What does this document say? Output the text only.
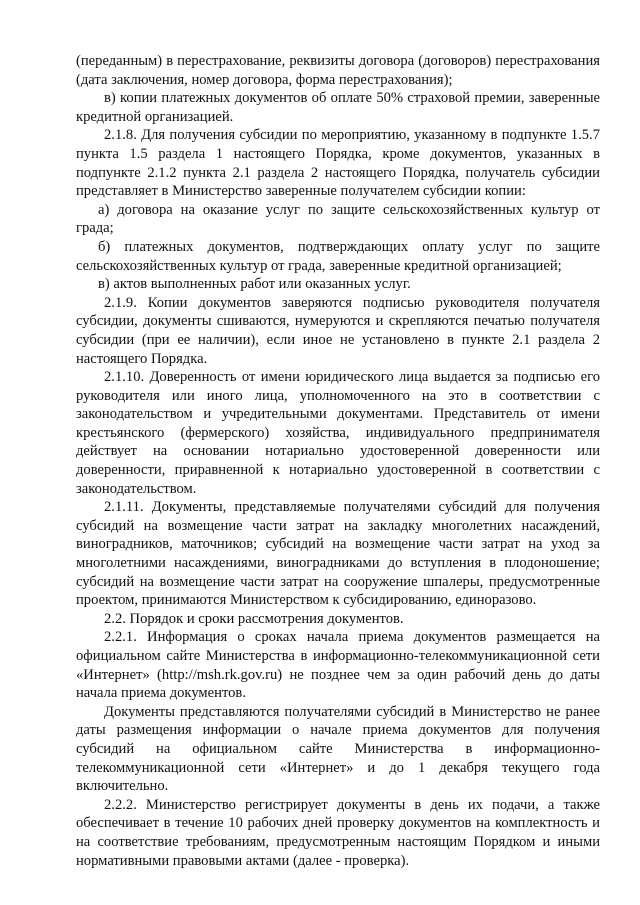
(переданным) в перестрахование, реквизиты договора (договоров) перестрахования (дата заключения, номер договора, форма перестрахования);

в) копии платежных документов об оплате 50% страховой премии, заверенные кредитной организацией.

2.1.8. Для получения субсидии по мероприятию, указанному в подпункте 1.5.7 пункта 1.5 раздела 1 настоящего Порядка, кроме документов, указанных в подпункте 2.1.2 пункта 2.1 раздела 2 настоящего Порядка, получатель субсидии представляет в Министерство заверенные получателем субсидии копии:

а) договора на оказание услуг по защите сельскохозяйственных культур от града;

б) платежных документов, подтверждающих оплату услуг по защите сельскохозяйственных культур от града, заверенные кредитной организацией;

в) актов выполненных работ или оказанных услуг.

2.1.9. Копии документов заверяются подписью руководителя получателя субсидии, документы сшиваются, нумеруются и скрепляются печатью получателя субсидии (при ее наличии), если иное не установлено в пункте 2.1 раздела 2 настоящего Порядка.

2.1.10. Доверенность от имени юридического лица выдается за подписью его руководителя или иного лица, уполномоченного на это в соответствии с законодательством и учредительными документами. Представитель от имени крестьянского (фермерского) хозяйства, индивидуального предпринимателя действует на основании нотариально удостоверенной доверенности или доверенности, приравненной к нотариально удостоверенной в соответствии с законодательством.

2.1.11. Документы, представляемые получателями субсидий для получения субсидий на возмещение части затрат на закладку многолетних насаждений, виноградников, маточников; субсидий на возмещение части затрат на уход за многолетними насаждениями, виноградниками до вступления в плодоношение; субсидий на возмещение части затрат на сооружение шпалеры, предусмотренные проектом, принимаются Министерством к субсидированию, единоразово.

2.2. Порядок и сроки рассмотрения документов.

2.2.1. Информация о сроках начала приема документов размещается на официальном сайте Министерства в информационно-телекоммуникационной сети «Интернет» (http://msh.rk.gov.ru) не позднее чем за один рабочий день до даты начала приема документов.

Документы представляются получателями субсидий в Министерство не ранее даты размещения информации о начале приема документов для получения субсидий на официальном сайте Министерства в информационно-телекоммуникационной сети «Интернет» и до 1 декабря текущего года включительно.

2.2.2. Министерство регистрирует документы в день их подачи, а также обеспечивает в течение 10 рабочих дней проверку документов на комплектность и на соответствие требованиям, предусмотренным настоящим Порядком и иными нормативными правовыми актами (далее - проверка).
